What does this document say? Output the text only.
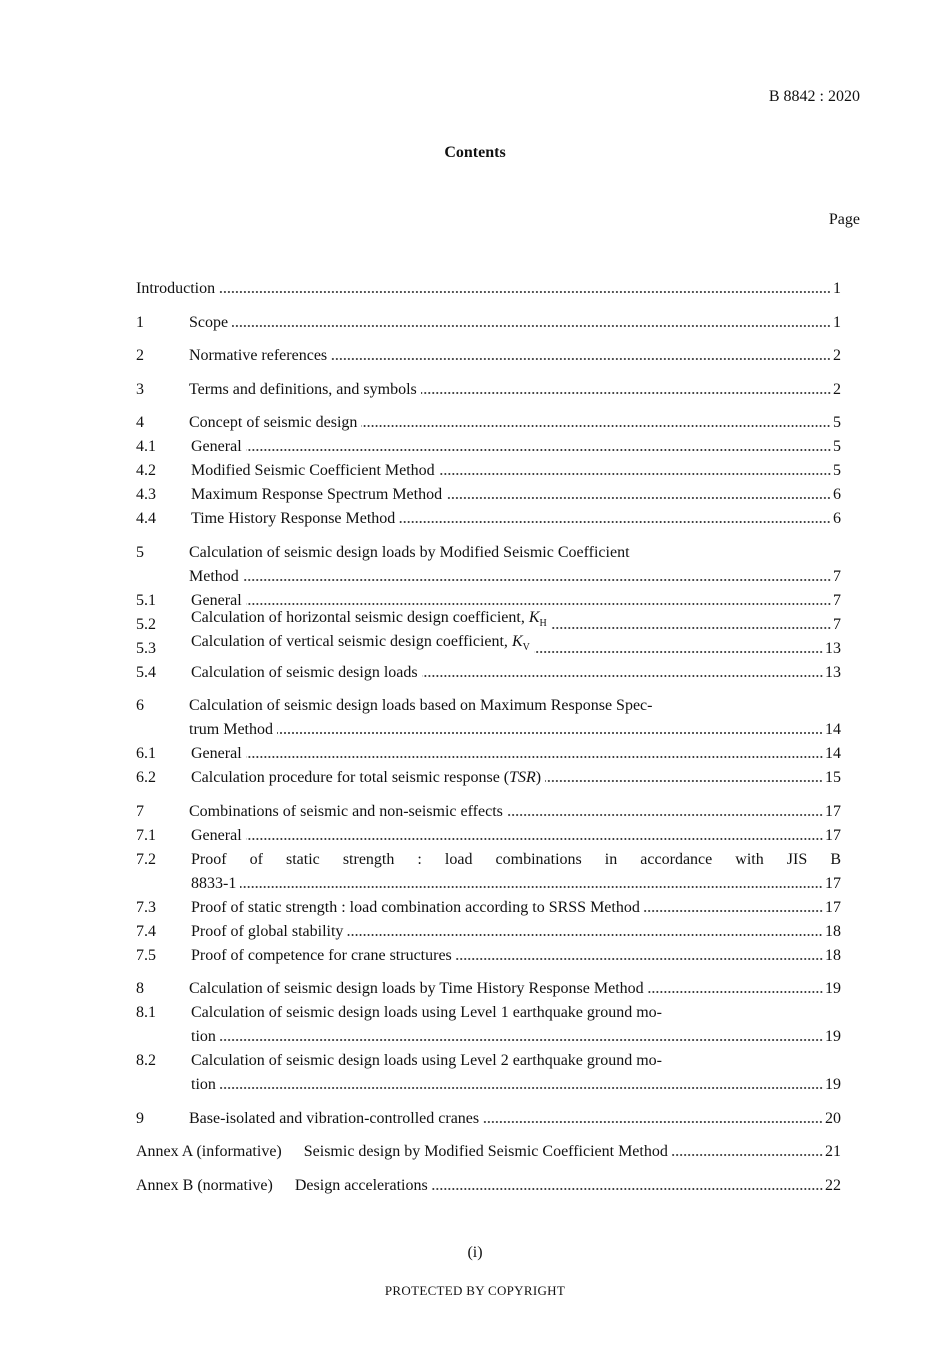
B 8842 : 2020
Contents
Page
Introduction	1
1	Scope	1
2	Normative references	2
3	Terms and definitions, and symbols	2
4	Concept of seismic design	5
4.1	General	5
4.2	Modified Seismic Coefficient Method	5
4.3	Maximum Response Spectrum Method	6
4.4	Time History Response Method	6
5	Calculation of seismic design loads by Modified Seismic Coefficient
Method	7
5.1	General	7
5.2	Calculation of horizontal seismic design coefficient, $K_H$	7
5.3	Calculation of vertical seismic design coefficient, $K_V$	13
5.4	Calculation of seismic design loads	13
6	Calculation of seismic design loads based on Maximum Response Spec-
trum Method	14
6.1	General	14
6.2	Calculation procedure for total seismic response (TSR)	15
7	Combinations of seismic and non-seismic effects	17
7.1	General	17
7.2	Proof of static strength : load combinations in accordance with JIS B
8833-1	17
7.3	Proof of static strength : load combination according to SRSS Method	17
7.4	Proof of global stability	18
7.5	Proof of competence for crane structures	18
8	Calculation of seismic design loads by Time History Response Method	19
8.1	Calculation of seismic design loads using Level 1 earthquake ground mo-
tion	19
8.2	Calculation of seismic design loads using Level 2 earthquake ground mo-
tion	19
9	Base-isolated and vibration-controlled cranes	20
Annex A (informative) Seismic design by Modified Seismic Coefficient Method	21
Annex B (normative) Design accelerations	22
(i)
PROTECTED BY COPYRIGHT
